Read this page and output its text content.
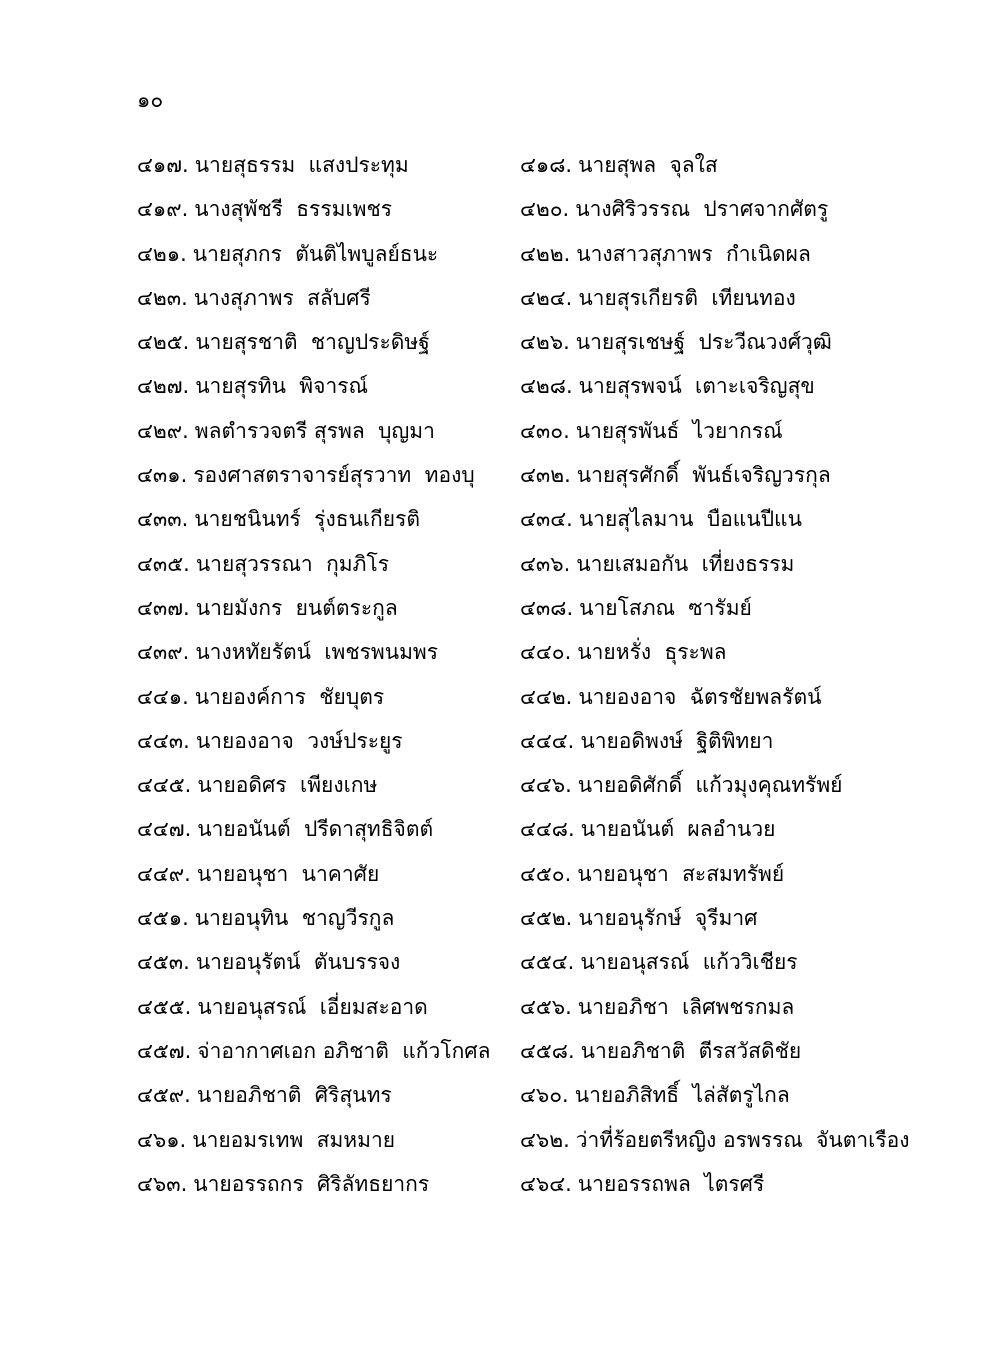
๑๐
๔๑๗. นายสุธรรม  แสงประทุม	๔๑๘. นายสุพล  จุลใส
๔๑๙. นางสุพัชรี  ธรรมเพชร	๔๒๐. นางศิริวรรณ  ปราศจากศัตรู
๔๒๑. นายสุภกร  ตันติไพบูลย์ธนะ	๔๒๒. นางสาวสุภาพร  กำเนิดผล
๔๒๓. นางสุภาพร  สลับศรี	๔๒๔. นายสุรเกียรติ  เทียนทอง
๔๒๕. นายสุรชาติ  ชาญประดิษฐ์	๔๒๖. นายสุรเชษฐ์  ประวีณวงศ์วุฒิ
๔๒๗. นายสุรทิน  พิจารณ์	๔๒๘. นายสุรพจน์  เตาะเจริญสุข
๔๒๙. พลตำรวจตรี สุรพล  บุญมา	๔๓๐. นายสุรพันธ์  ไวยากรณ์
๔๓๑. รองศาสตราจารย์สุรวาท  ทองบุ	๔๓๒. นายสุรศักดิ์  พันธ์เจริญวรกุล
๔๓๓. นายชนินทร์  รุ่งธนเกียรติ	๔๓๔. นายสุไลมาน  บือแนปีแน
๔๓๕. นายสุวรรณา  กุมภิโร	๔๓๖. นายเสมอกัน  เที่ยงธรรม
๔๓๗. นายมังกร  ยนต์ตระกูล	๔๓๘. นายโสภณ  ซารัมย์
๔๓๙. นางหทัยรัตน์  เพชรพนมพร	๔๔๐. นายหรั่ง  ธุระพล
๔๔๑. นายองค์การ  ชัยบุตร	๔๔๒. นายองอาจ  ฉัตรชัยพลรัตน์
๔๔๓. นายองอาจ  วงษ์ประยูร	๔๔๔. นายอดิพงษ์  ฐิติพิทยา
๔๔๕. นายอดิศร  เพียงเกษ	๔๔๖. นายอดิศักดิ์  แก้วมุงคุณทรัพย์
๔๔๗. นายอนันต์  ปรีดาสุทธิจิตต์	๔๔๘. นายอนันต์  ผลอำนวย
๔๔๙. นายอนุชา  นาคาศัย	๔๕๐. นายอนุชา  สะสมทรัพย์
๔๕๑. นายอนุทิน  ชาญวีรกูล	๔๕๒. นายอนุรักษ์  จุรีมาศ
๔๕๓. นายอนุรัตน์  ตันบรรจง	๔๕๔. นายอนุสรณ์  แก้ววิเชียร
๔๕๕. นายอนุสรณ์  เอี่ยมสะอาด	๔๕๖. นายอภิชา  เลิศพชรกมล
๔๕๗. จ่าอากาศเอก อภิชาติ  แก้วโกศล	๔๕๘. นายอภิชาติ  ตีรสวัสดิชัย
๔๕๙. นายอภิชาติ  ศิริสุนทร	๔๖๐. นายอภิสิทธิ์  ไล่สัตรูไกล
๔๖๑. นายอมรเทพ  สมหมาย	๔๖๒. ว่าที่ร้อยตรีหญิง อรพรรณ  จันตาเรือง
๔๖๓. นายอรรถกร  ศิริลัทธยากร	๔๖๔. นายอรรถพล  ไตรศรี
